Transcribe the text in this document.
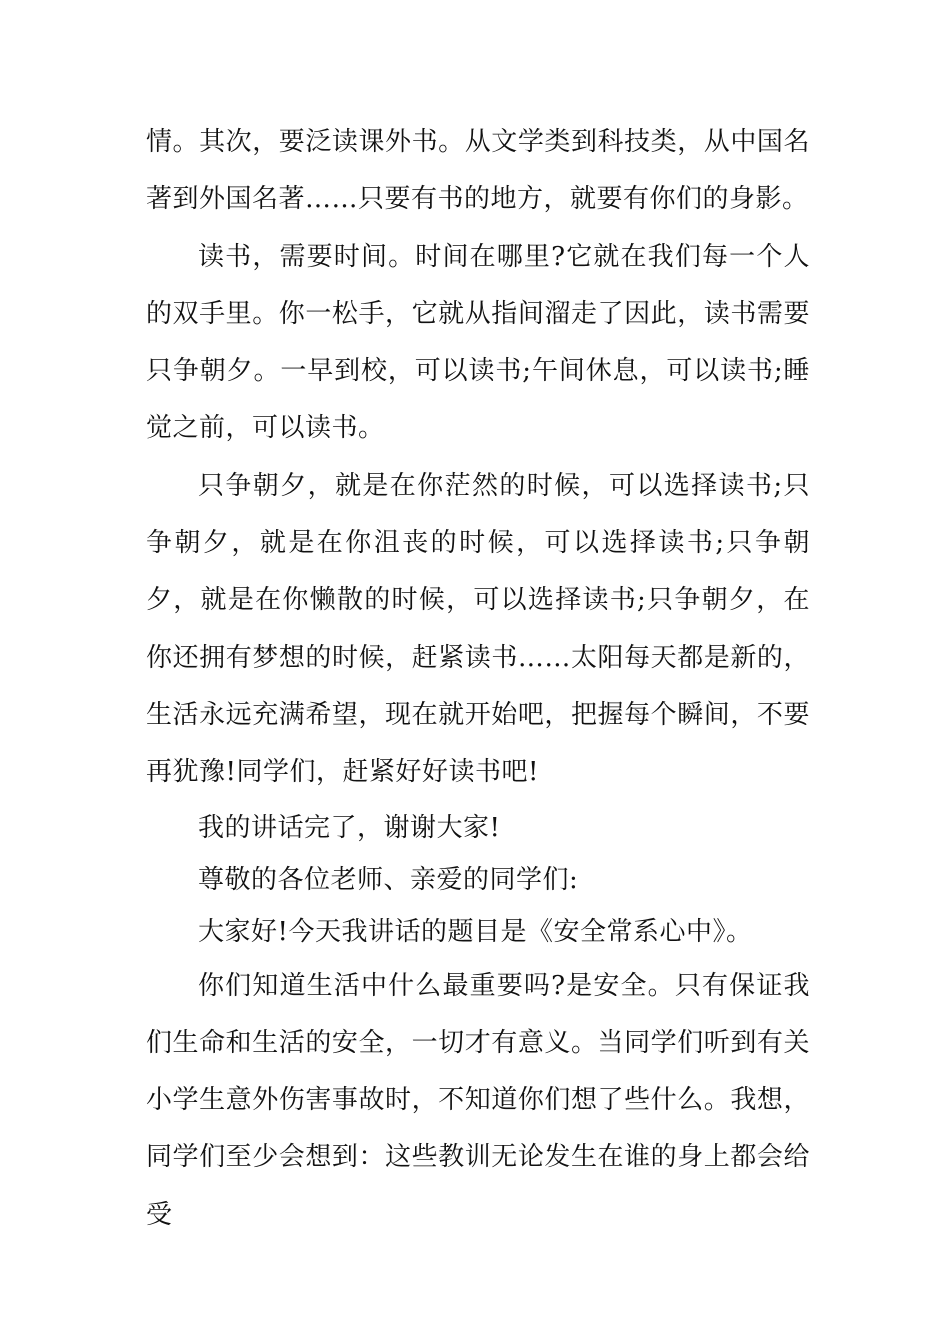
情。其次，要泛读课外书。从文学类到科技类，从中国名著到外国名著……只要有书的地方，就要有你们的身影。

读书，需要时间。时间在哪里?它就在我们每一个人的双手里。你一松手，它就从指间溜走了因此，读书需要只争朝夕。一早到校，可以读书;午间休息，可以读书;睡觉之前，可以读书。

只争朝夕，就是在你茫然的时候，可以选择读书;只争朝夕，就是在你沮丧的时候，可以选择读书;只争朝夕，就是在你懒散的时候，可以选择读书;只争朝夕，在你还拥有梦想的时候，赶紧读书……太阳每天都是新的，生活永远充满希望，现在就开始吧，把握每个瞬间，不要再犹豫!同学们，赶紧好好读书吧!

我的讲话完了，谢谢大家!

尊敬的各位老师、亲爱的同学们:

大家好!今天我讲话的题目是《安全常系心中》。

你们知道生活中什么最重要吗?是安全。只有保证我们生命和生活的安全，一切才有意义。当同学们听到有关小学生意外伤害事故时，不知道你们想了些什么。我想，同学们至少会想到：这些教训无论发生在谁的身上都会给受
